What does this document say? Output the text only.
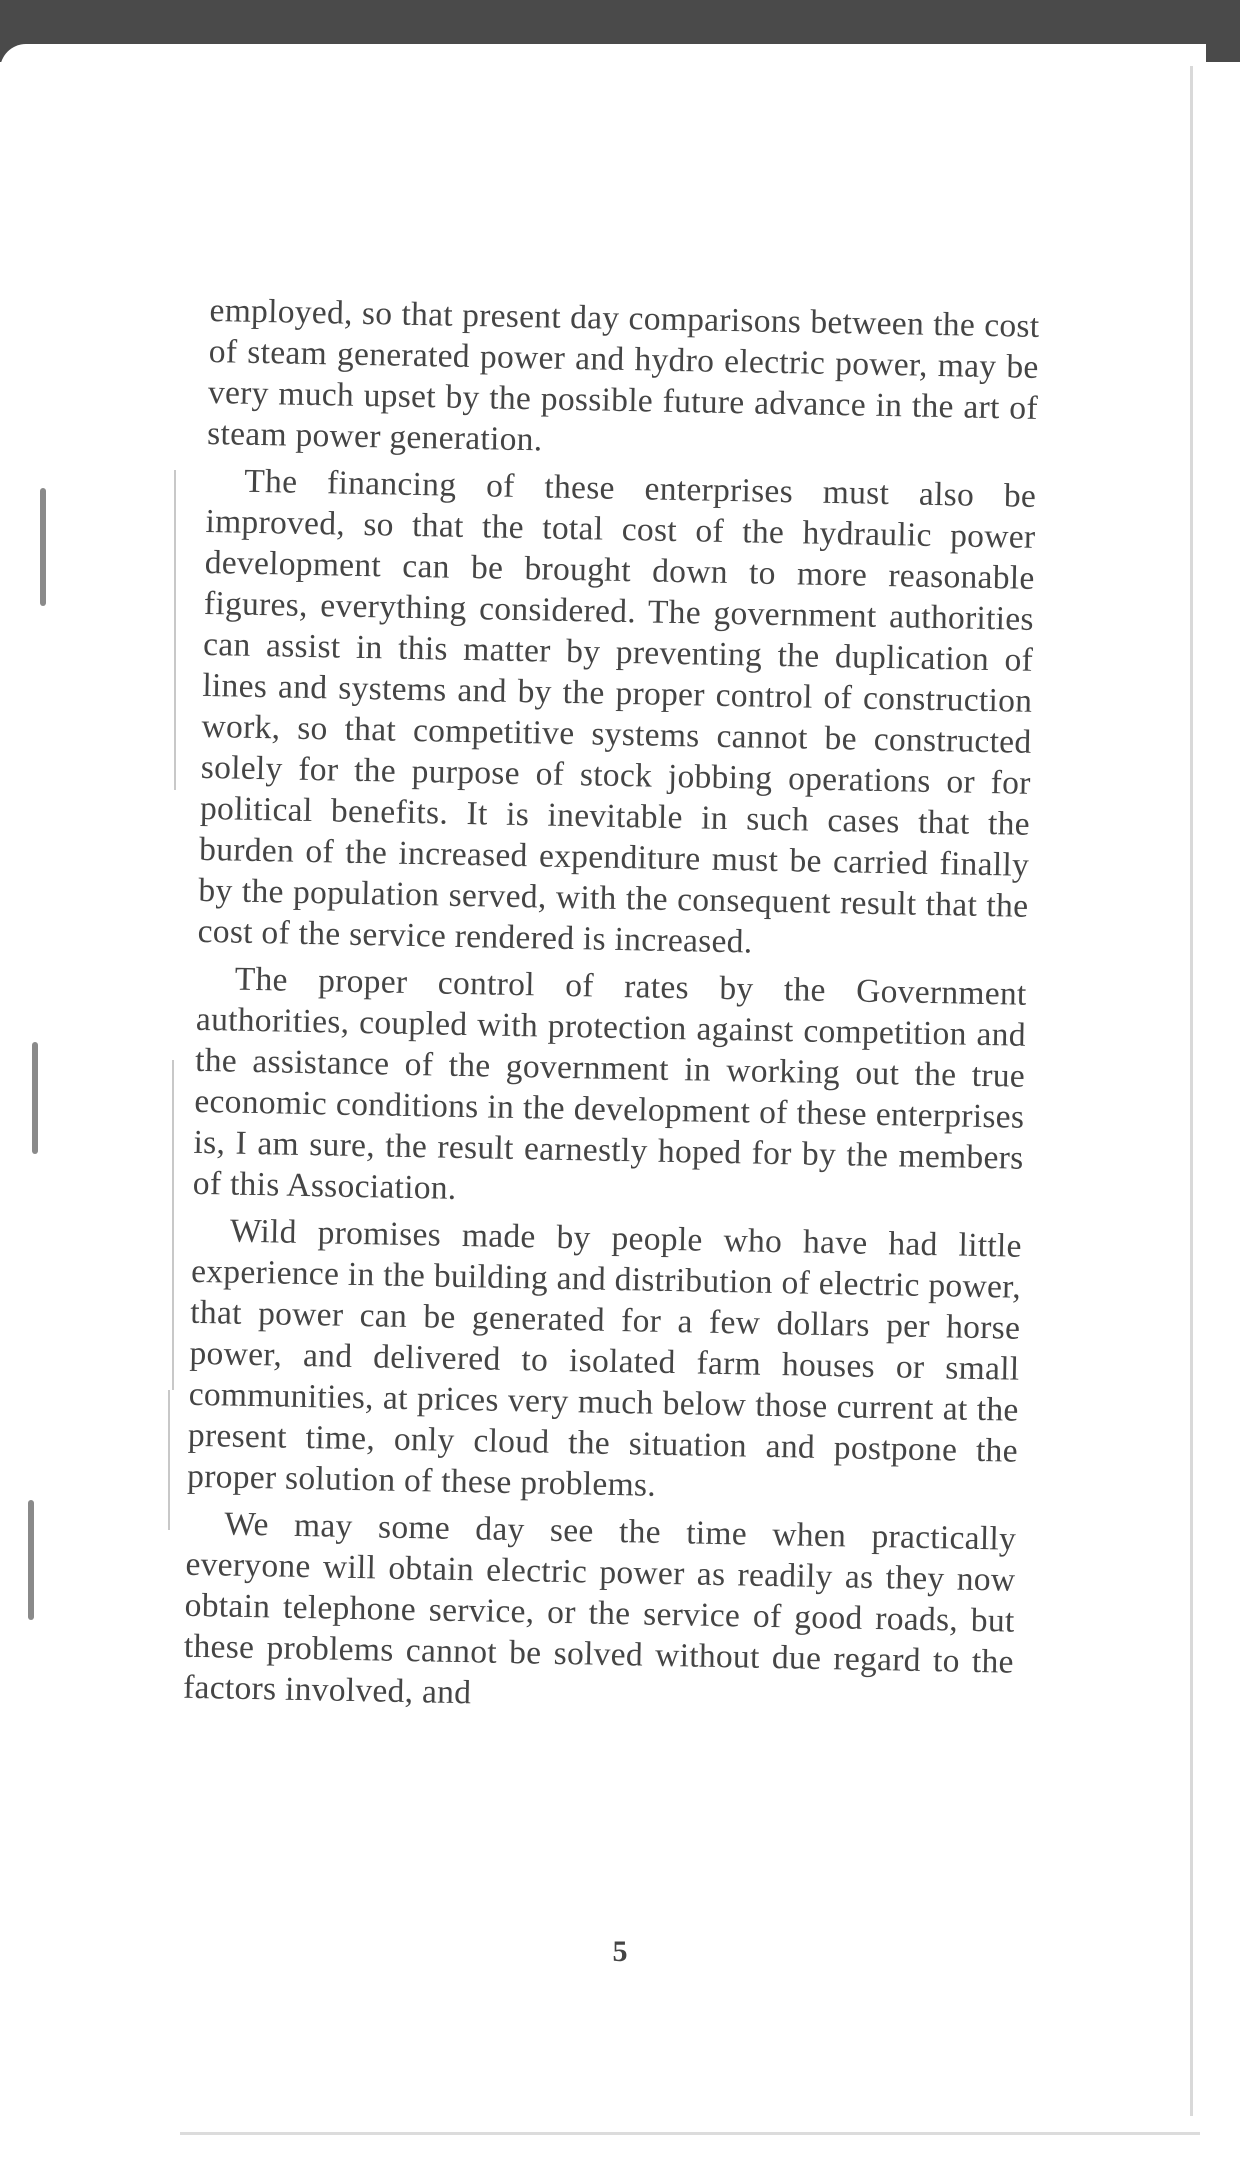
employed, so that present day comparisons between the cost of steam generated power and hydro electric power, may be very much upset by the possible future advance in the art of steam power generation.

The financing of these enterprises must also be improved, so that the total cost of the hydraulic power development can be brought down to more reasonable figures, everything considered. The government authorities can assist in this matter by preventing the duplication of lines and systems and by the proper control of construction work, so that competitive systems cannot be constructed solely for the purpose of stock jobbing operations or for political benefits. It is inevitable in such cases that the burden of the increased expenditure must be carried finally by the population served, with the consequent result that the cost of the service rendered is increased.

The proper control of rates by the Government authorities, coupled with protection against competition and the assistance of the government in working out the true economic conditions in the development of these enterprises is, I am sure, the result earnestly hoped for by the members of this Association.

Wild promises made by people who have had little experience in the building and distribution of electric power, that power can be generated for a few dollars per horse power, and delivered to isolated farm houses or small communities, at prices very much below those current at the present time, only cloud the situation and postpone the proper solution of these problems.

We may some day see the time when practically everyone will obtain electric power as readily as they now obtain telephone service, or the service of good roads, but these problems cannot be solved without due regard to the factors involved, and

5
